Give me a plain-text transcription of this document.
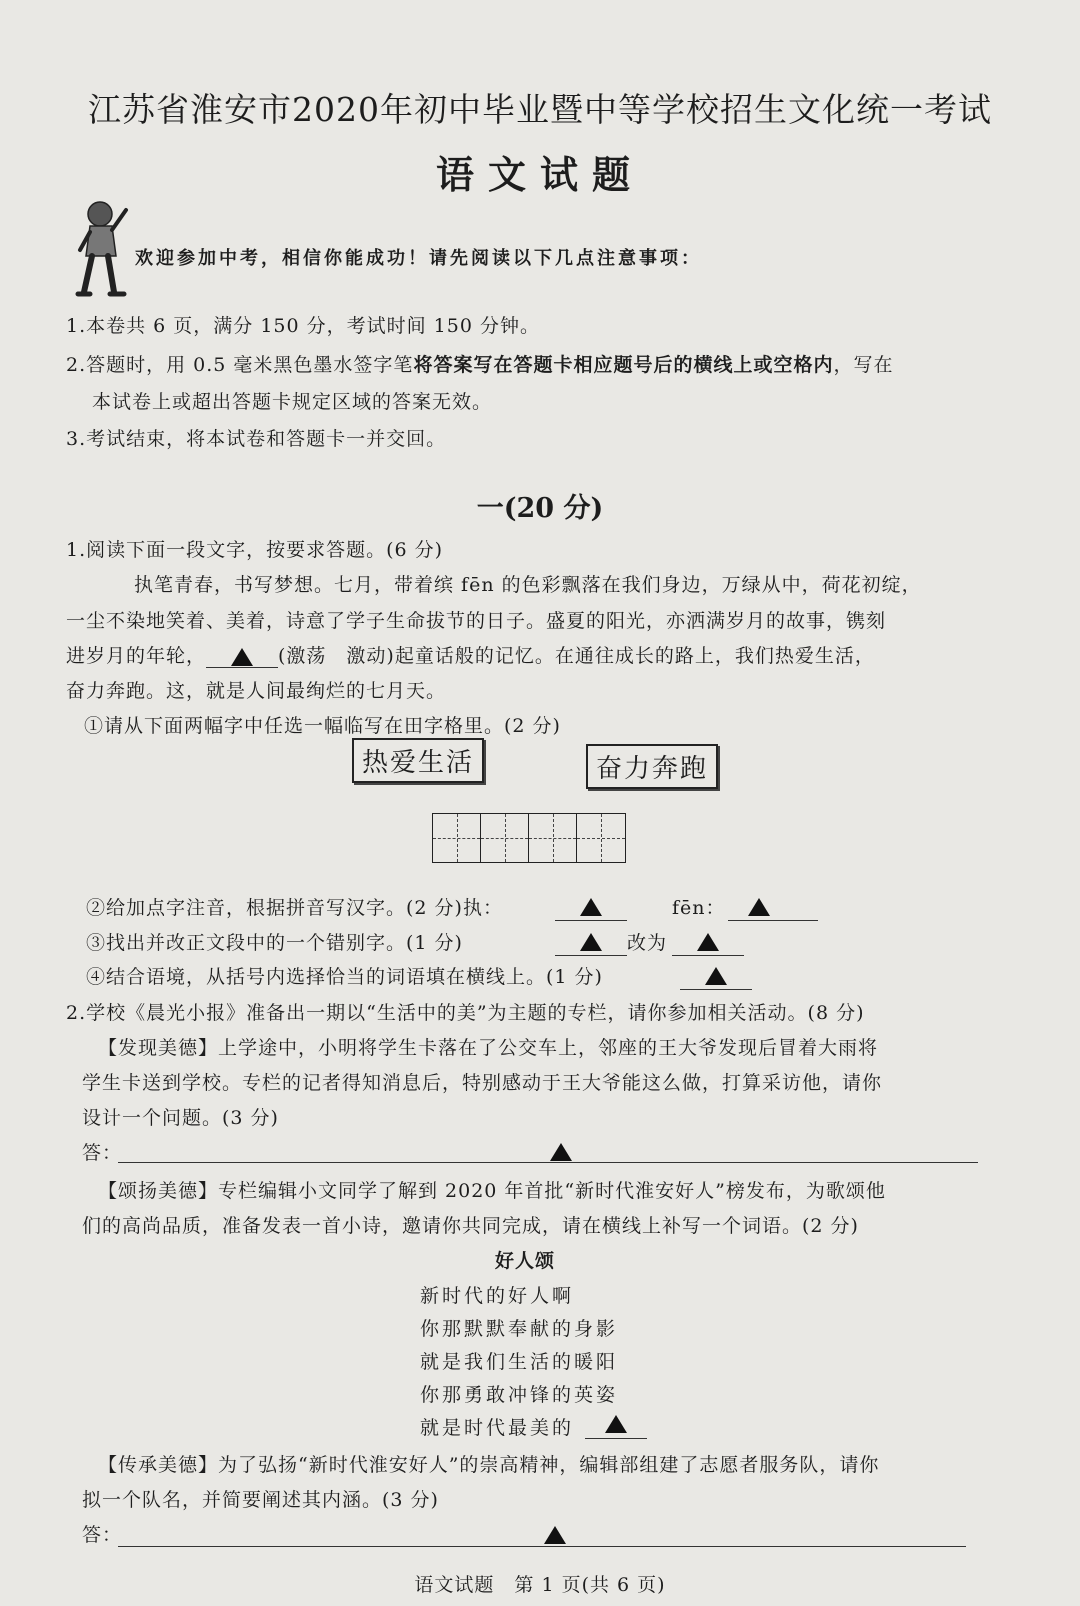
江苏省淮安市2020年初中毕业暨中等学校招生文化统一考试
语文试题
欢迎参加中考，相信你能成功！请先阅读以下几点注意事项：
1.本卷共 6 页，满分 150 分，考试时间 150 分钟。
2.答题时，用 0.5 毫米黑色墨水签字笔将答案写在答题卡相应题号后的横线上或空格内，写在
本试卷上或超出答题卡规定区域的答案无效。
3.考试结束，将本试卷和答题卡一并交回。
一(20 分)
1.阅读下面一段文字，按要求答题。(6 分)
执笔青春，书写梦想。七月，带着缤 fēn 的色彩飘落在我们身边，万绿从中，荷花初绽，
一尘不染地笑着、美着，诗意了学子生命拔节的日子。盛夏的阳光，亦洒满岁月的故事，镌刻
进岁月的年轮，	(激荡　激动)起童话般的记忆。在通往成长的路上，我们热爱生活，
奋力奔跑。这，就是人间最绚烂的七月天。
①请从下面两幅字中任选一幅临写在田字格里。(2 分)
热爱生活	奋力奔跑
②给加点字注音，根据拼音写汉字。(2 分)执：	fēn：
③找出并改正文段中的一个错别字。(1 分)	改为
④结合语境，从括号内选择恰当的词语填在横线上。(1 分)
2.学校《晨光小报》准备出一期以“生活中的美”为主题的专栏，请你参加相关活动。(8 分)
【发现美德】上学途中，小明将学生卡落在了公交车上，邻座的王大爷发现后冒着大雨将
学生卡送到学校。专栏的记者得知消息后，特别感动于王大爷能这么做，打算采访他，请你
设计一个问题。(3 分)
答：
【颂扬美德】专栏编辑小文同学了解到 2020 年首批“新时代淮安好人”榜发布，为歌颂他
们的高尚品质，准备发表一首小诗，邀请你共同完成，请在横线上补写一个词语。(2 分)
好人颂
新时代的好人啊
你那默默奉献的身影
就是我们生活的暖阳
你那勇敢冲锋的英姿
就是时代最美的
【传承美德】为了弘扬“新时代淮安好人”的崇高精神，编辑部组建了志愿者服务队，请你
拟一个队名，并简要阐述其内涵。(3 分)
答：
语文试题　第 1 页(共 6 页)
